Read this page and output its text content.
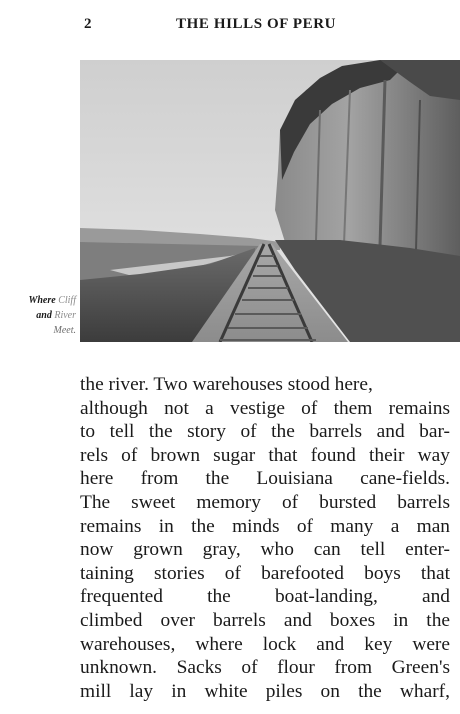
2	THE HILLS OF PERU
Where Cliff
and River
Meet.
the river. Two warehouses stood here,
although not a vestige of them remains
to tell the story of the barrels and bar-
rels of brown sugar that found their way
here from the Louisiana cane-fields.
The sweet memory of bursted barrels
remains in the minds of many a man
now grown gray, who can tell enter-
taining stories of barefooted boys that
frequented the boat-landing, and
climbed over barrels and boxes in the
warehouses, where lock and key were
unknown. Sacks of flour from Green's
mill lay in white piles on the wharf,
